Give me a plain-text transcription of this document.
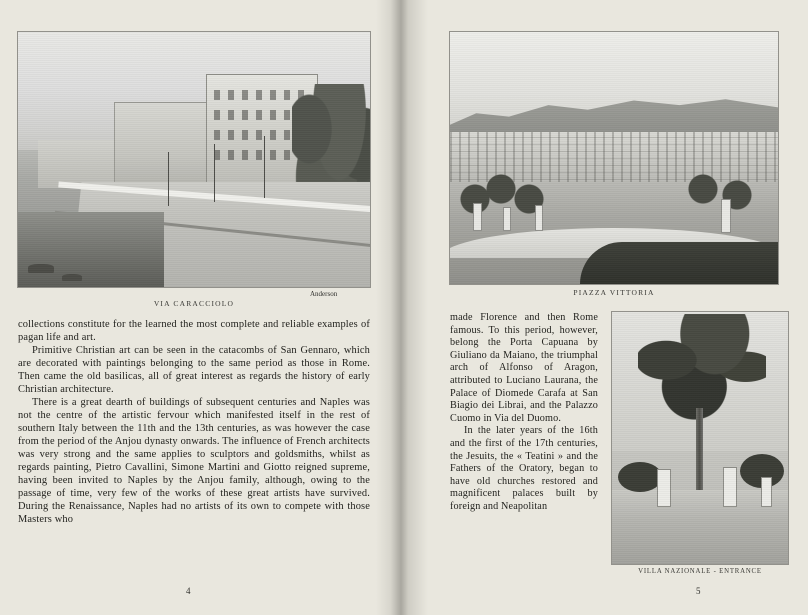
Anderson
VIA CARACCIOLO

collections constitute for the learned the most complete and reliable examples of pagan life and art.

Primitive Christian art can be seen in the catacombs of San Gennaro, which are decorated with paintings belonging to the same period as those in Rome. Then came the old basilicas, all of great interest as regards the history of early Christian architecture.

There is a great dearth of buildings of subsequent centuries and Naples was not the centre of the artistic fervour which manifested itself in the rest of southern Italy between the 11th and the 13th centuries, as was however the case from the period of the Anjou dynasty onwards. The influence of French architects was very strong and the same applies to sculptors and goldsmiths, whilst as regards painting, Pietro Cavallini, Simone Martini and Giotto reigned supreme, having been invited to Naples by the Anjou family, although, owing to the passage of time, very few of the works of these great artists have survived. During the Renaissance, Naples had no artists of its own to compete with those Masters who

4
PIAZZA VITTORIA
VILLA NAZIONALE - ENTRANCE

made Florence and then Rome famous. To this period, however, belong the Porta Capuana by Giuliano da Maiano, the triumphal arch of Alfonso of Aragon, attributed to Luciano Laurana, the Palace of Diomede Carafa at San Biagio dei Librai, and the Palazzo Cuomo in Via del Duomo.

In the later years of the 16th and the first of the 17th centuries, the Jesuits, the « Teatini » and the Fathers of the Oratory, began to have old churches restored and magnificent palaces built by foreign and Neapolitan

5
